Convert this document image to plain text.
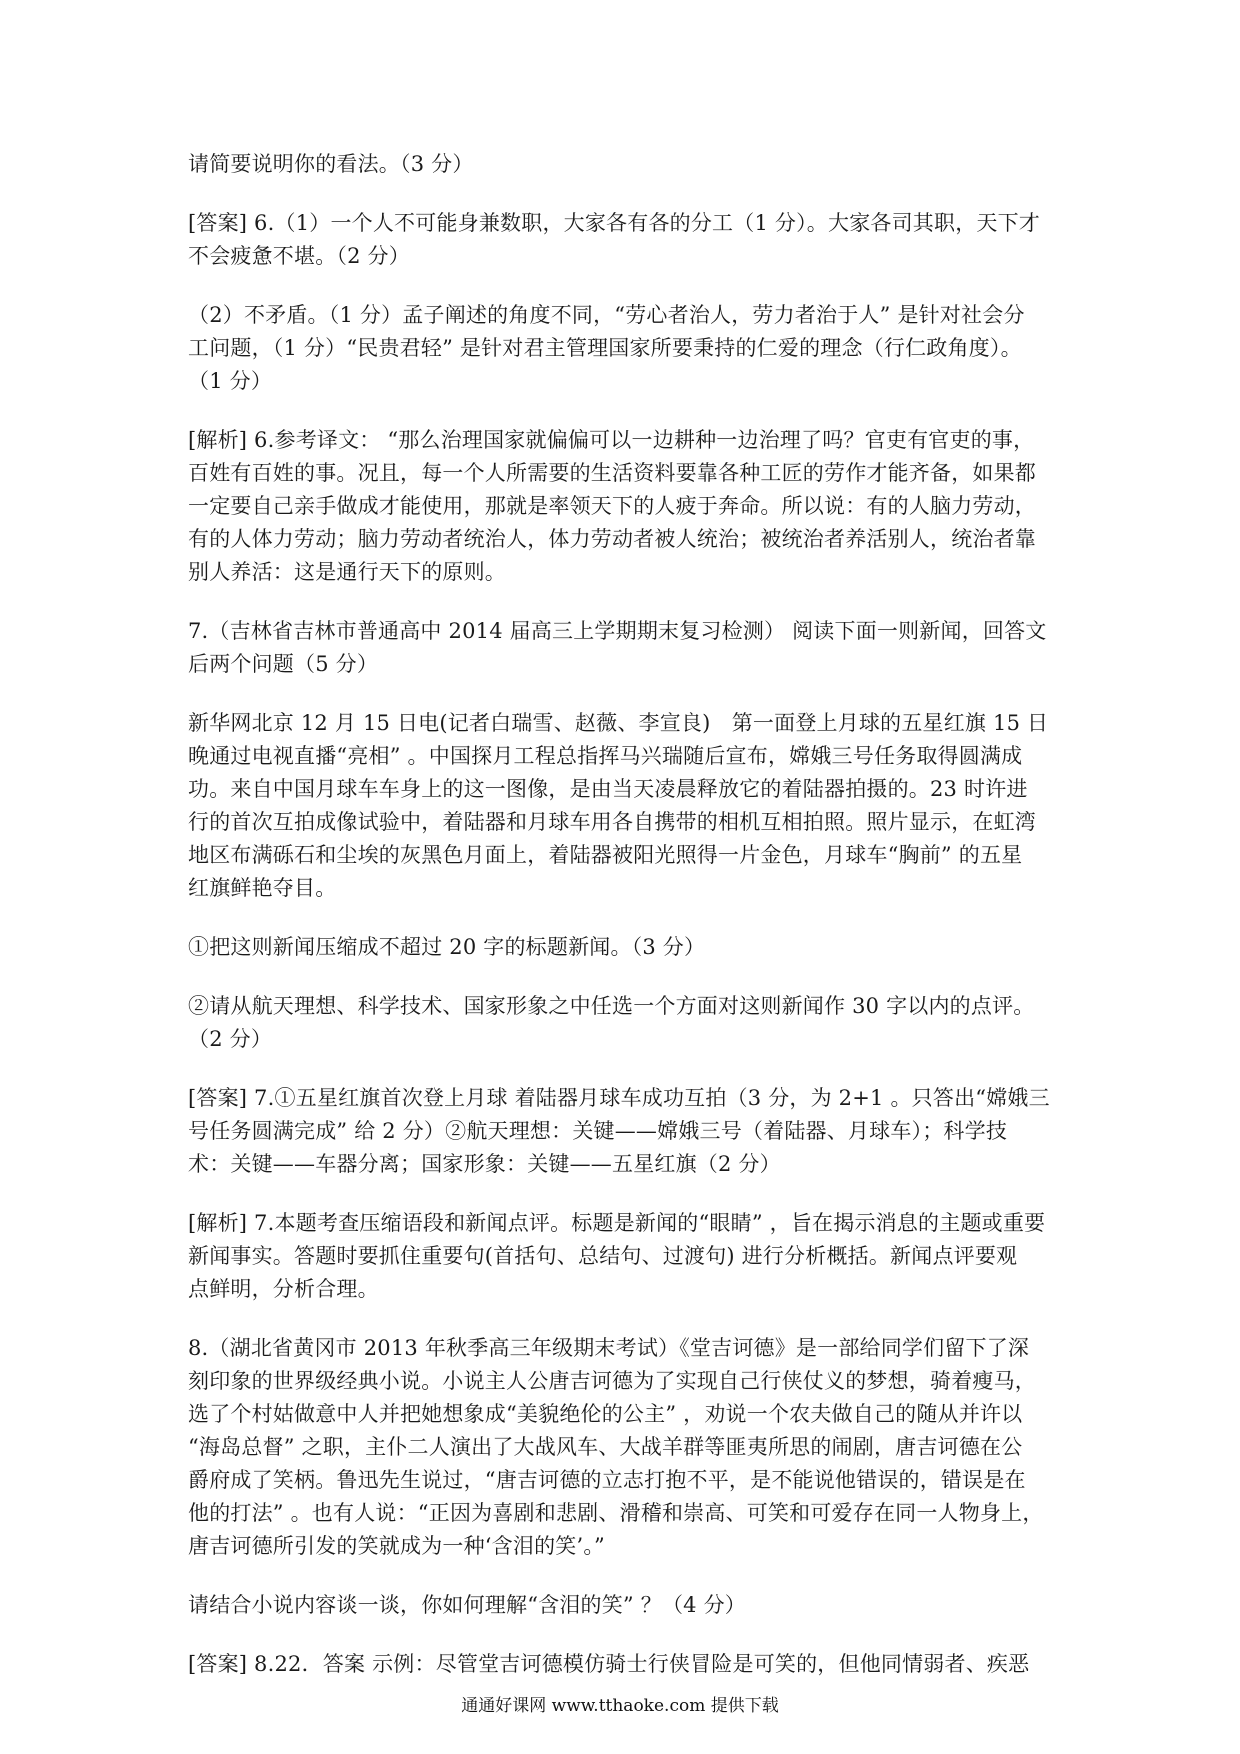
请简要说明你的看法。（3 分）
[答案] 6.（1）一个人不可能身兼数职，大家各有各的分工（1 分）。大家各司其职，天下才
不会疲惫不堪。（2 分）
（2）不矛盾。（1 分）孟子阐述的角度不同，“劳心者治人，劳力者治于人” 是针对社会分
工问题，（1 分）“民贵君轻” 是针对君主管理国家所要秉持的仁爱的理念（行仁政角度）。
（1 分）
[解析] 6.参考译文： “那么治理国家就偏偏可以一边耕种一边治理了吗？官吏有官吏的事，
百姓有百姓的事。况且，每一个人所需要的生活资料要靠各种工匠的劳作才能齐备，如果都
一定要自己亲手做成才能使用，那就是率领天下的人疲于奔命。所以说：有的人脑力劳动，
有的人体力劳动；脑力劳动者统治人，体力劳动者被人统治；被统治者养活别人，统治者靠
别人养活：这是通行天下的原则。
7.（吉林省吉林市普通高中 2014 届高三上学期期末复习检测） 阅读下面一则新闻，回答文
后两个问题（5 分）
新华网北京 12 月 15 日电(记者白瑞雪、赵薇、李宣良)　第一面登上月球的五星红旗 15 日
晚通过电视直播“亮相” 。中国探月工程总指挥马兴瑞随后宣布，嫦娥三号任务取得圆满成
功。来自中国月球车车身上的这一图像，是由当天凌晨释放它的着陆器拍摄的。23 时许进
行的首次互拍成像试验中，着陆器和月球车用各自携带的相机互相拍照。照片显示，在虹湾
地区布满砾石和尘埃的灰黑色月面上，着陆器被阳光照得一片金色，月球车“胸前” 的五星
红旗鲜艳夺目。
①把这则新闻压缩成不超过 20 字的标题新闻。（3 分）
②请从航天理想、科学技术、国家形象之中任选一个方面对这则新闻作 30 字以内的点评。
（2 分）
[答案] 7.①五星红旗首次登上月球 着陆器月球车成功互拍（3 分，为 2+1 。只答出“嫦娥三
号任务圆满完成” 给 2 分）②航天理想：关键——嫦娥三号（着陆器、月球车）；科学技
术：关键——车器分离；国家形象：关键——五星红旗（2 分）
[解析] 7.本题考查压缩语段和新闻点评。标题是新闻的“眼睛” ，旨在揭示消息的主题或重要
新闻事实。答题时要抓住重要句(首括句、总结句、过渡句) 进行分析概括。新闻点评要观
点鲜明，分析合理。
8.（湖北省黄冈市 2013 年秋季高三年级期末考试）《堂吉诃德》是一部给同学们留下了深
刻印象的世界级经典小说。小说主人公唐吉诃德为了实现自己行侠仗义的梦想，骑着瘦马，
选了个村姑做意中人并把她想象成“美貌绝伦的公主” ，劝说一个农夫做自己的随从并许以
“海岛总督” 之职，主仆二人演出了大战风车、大战羊群等匪夷所思的闹剧，唐吉诃德在公
爵府成了笑柄。鲁迅先生说过，“唐吉诃德的立志打抱不平，是不能说他错误的，错误是在
他的打法” 。也有人说：“正因为喜剧和悲剧、滑稽和崇高、可笑和可爱存在同一人物身上，
唐吉诃德所引发的笑就成为一种‘含泪的笑’。”
请结合小说内容谈一谈，你如何理解“含泪的笑” ？（4 分）
[答案] 8.22．答案 示例：尽管堂吉诃德模仿骑士行侠冒险是可笑的，但他同情弱者、疾恶
通通好课网 www.tthaoke.com 提供下载
